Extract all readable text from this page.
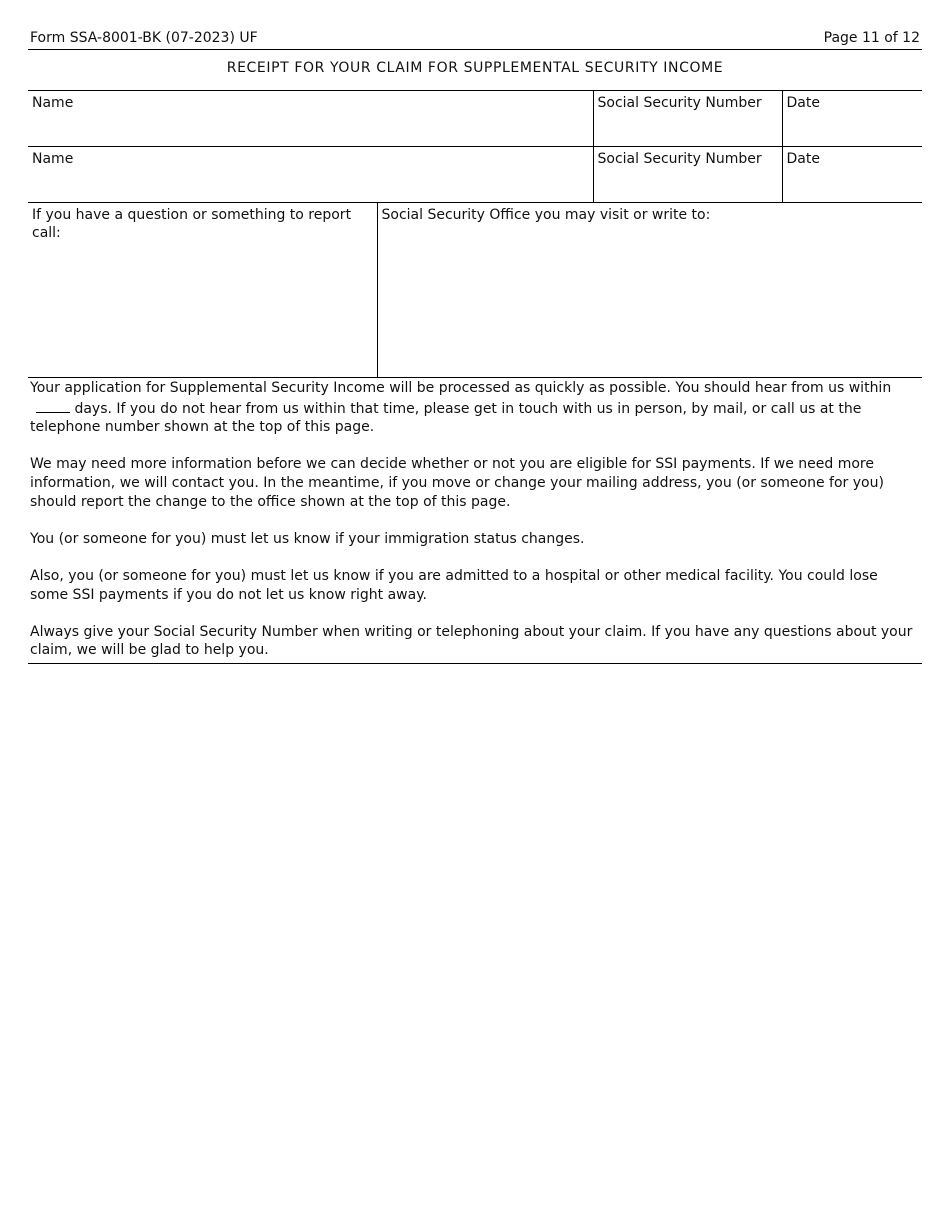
Form SSA-8001-BK (07-2023) UF	Page 11 of 12
RECEIPT FOR YOUR CLAIM FOR SUPPLEMENTAL SECURITY INCOME
Name	Social Security Number	Date
Name	Social Security Number	Date
If you have a question or something to report call:	Social Security Office you may visit or write to:

Your application for Supplemental Security Income will be processed as quickly as possible. You should hear from us within days. If you do not hear from us within that time, please get in touch with us in person, by mail, or call us at the telephone number shown at the top of this page.

We may need more information before we can decide whether or not you are eligible for SSI payments. If we need more information, we will contact you. In the meantime, if you move or change your mailing address, you (or someone for you) should report the change to the office shown at the top of this page.

You (or someone for you) must let us know if your immigration status changes.

Also, you (or someone for you) must let us know if you are admitted to a hospital or other medical facility. You could lose some SSI payments if you do not let us know right away.

Always give your Social Security Number when writing or telephoning about your claim. If you have any questions about your claim, we will be glad to help you.
